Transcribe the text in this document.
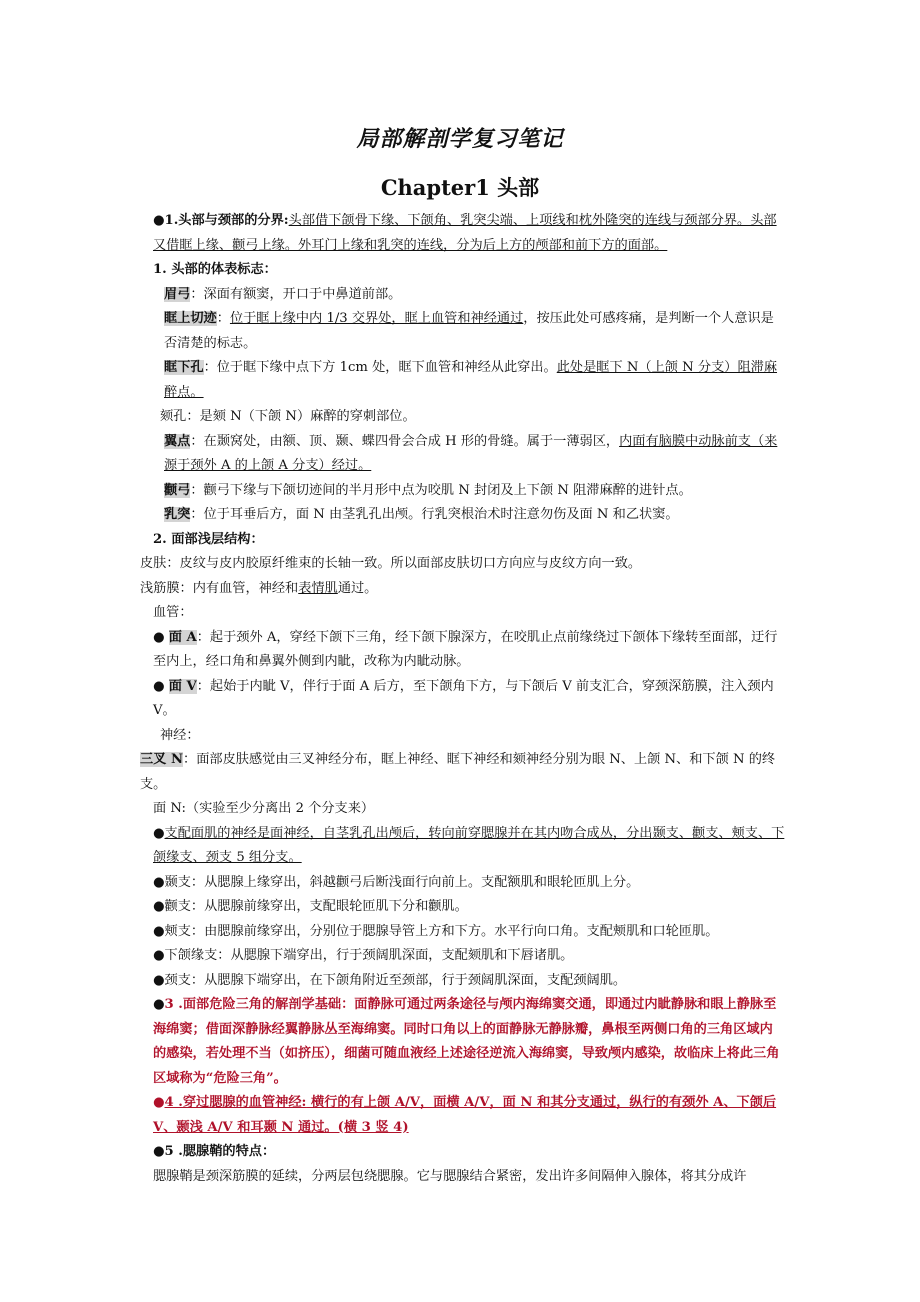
局部解剖学复习笔记
Chapter1 头部

●1.头部与颈部的分界:头部借下颌骨下缘、下颌角、乳突尖端、上项线和枕外隆突的连线与颈部分界。头部又借眶上缘、颧弓上缘。外耳门上缘和乳突的连线，分为后上方的颅部和前下方的面部。

1. 头部的体表标志：

眉弓：深面有额窦，开口于中鼻道前部。

眶上切迹：位于眶上缘中内 1/3 交界处，眶上血管和神经通过，按压此处可感疼痛，是判断一个人意识是否清楚的标志。

眶下孔：位于眶下缘中点下方 1cm 处，眶下血管和神经从此穿出。此处是眶下 N（上颌 N 分支）阻滞麻醉点。

颏孔：是颏 N（下颌 N）麻醉的穿刺部位。

翼点：在颞窝处，由额、顶、颞、蝶四骨会合成 H 形的骨缝。属于一薄弱区，内面有脑膜中动脉前支（来源于颈外 A 的上颌 A 分支）经过。

颧弓：颧弓下缘与下颌切迹间的半月形中点为咬肌 N 封闭及上下颌 N 阻滞麻醉的进针点。

乳突：位于耳垂后方，面 N 由茎乳孔出颅。行乳突根治术时注意勿伤及面 N 和乙状窦。

2. 面部浅层结构：

皮肤：皮纹与皮内胶原纤维束的长轴一致。所以面部皮肤切口方向应与皮纹方向一致。

浅筋膜：内有血管，神经和表情肌通过。

血管：

● 面 A：起于颈外 A，穿经下颌下三角，经下颌下腺深方，在咬肌止点前缘绕过下颌体下缘转至面部，迂行至内上，经口角和鼻翼外侧到内眦，改称为内眦动脉。

● 面 V：起始于内眦 V，伴行于面 A 后方，至下颌角下方，与下颌后 V 前支汇合，穿颈深筋膜，注入颈内 V。

神经：

三叉 N：面部皮肤感觉由三叉神经分布，眶上神经、眶下神经和颏神经分别为眼 N、上颌 N、和下颌 N 的终支。

面 N:（实验至少分离出 2 个分支来）

●支配面肌的神经是面神经，自茎乳孔出颅后，转向前穿腮腺并在其内吻合成丛，分出颞支、颧支、颊支、下颌缘支、颈支 5 组分支。

●颞支：从腮腺上缘穿出，斜越颧弓后断浅面行向前上。支配额肌和眼轮匝肌上分。

●颧支：从腮腺前缘穿出，支配眼轮匝肌下分和颧肌。

●颊支：由腮腺前缘穿出，分别位于腮腺导管上方和下方。水平行向口角。支配颊肌和口轮匝肌。

●下颌缘支：从腮腺下端穿出，行于颈阔肌深面，支配颏肌和下唇诸肌。

●颈支：从腮腺下端穿出，在下颌角附近至颈部，行于颈阔肌深面，支配颈阔肌。

●3 .面部危险三角的解剖学基础：面静脉可通过两条途径与颅内海绵窦交通，即通过内眦静脉和眼上静脉至海绵窦；借面深静脉经翼静脉丛至海绵窦。同时口角以上的面静脉无静脉瓣，鼻根至两侧口角的三角区域内的感染，若处理不当（如挤压），细菌可随血液经上述途径逆流入海绵窦，导致颅内感染，故临床上将此三角区域称为“危险三角”。

●4 .穿过腮腺的血管神经: 横行的有上颌 A/V，面横 A/V，面 N 和其分支通过，纵行的有颈外 A、下颌后 V、颞浅 A/V 和耳颞 N 通过。(横 3 竖 4)

●5 .腮腺鞘的特点：

腮腺鞘是颈深筋膜的延续，分两层包绕腮腺。它与腮腺结合紧密，发出许多间隔伸入腺体，将其分成许
